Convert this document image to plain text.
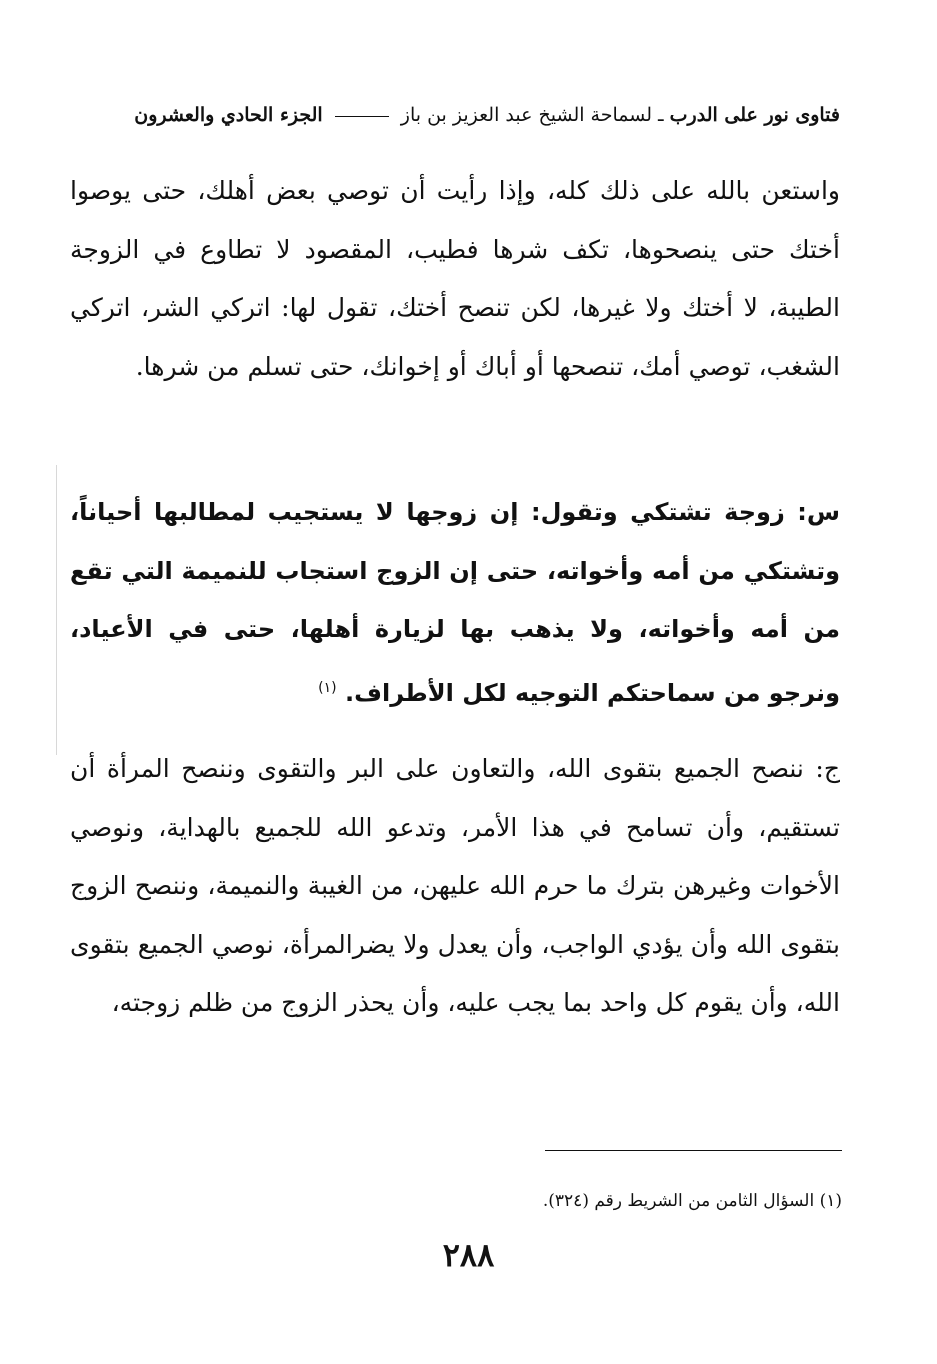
فتاوى نور على الدرب ـ لسماحة الشيخ عبد العزيز بن باز  الجزء الحادي والعشرون
واستعن بالله على ذلك كله، وإذا رأيت أن توصي بعض أهلك، حتى يوصوا أختك حتى ينصحوها، تكف شرها فطيب، المقصود لا تطاوع في الزوجة الطيبة، لا أختك ولا غيرها، لكن تنصح أختك، تقول لها: اتركي الشر، اتركي الشغب، توصي أمك، تنصحها أو أباك أو إخوانك، حتى تسلم من شرها.
س: زوجة تشتكي وتقول: إن زوجها لا يستجيب لمطالبها أحياناً، وتشتكي من أمه وأخواته، حتى إن الزوج استجاب للنميمة التي تقع من أمه وأخواته، ولا يذهب بها لزيارة أهلها، حتى في الأعياد، ونرجو من سماحتكم التوجيه لكل الأطراف. $^{(١)}$
ج: ننصح الجميع بتقوى الله، والتعاون على البر والتقوى وننصح المرأة أن تستقيم، وأن تسامح في هذا الأمر، وتدعو الله للجميع بالهداية، ونوصي الأخوات وغيرهن بترك ما حرم الله عليهن، من الغيبة والنميمة، وننصح الزوج بتقوى الله وأن يؤدي الواجب، وأن يعدل ولا يضرالمرأة، نوصي الجميع بتقوى الله، وأن يقوم كل واحد بما يجب عليه، وأن يحذر الزوج من ظلم زوجته،
(١) السؤال الثامن من الشريط رقم (٣٢٤).
٢٨٨
